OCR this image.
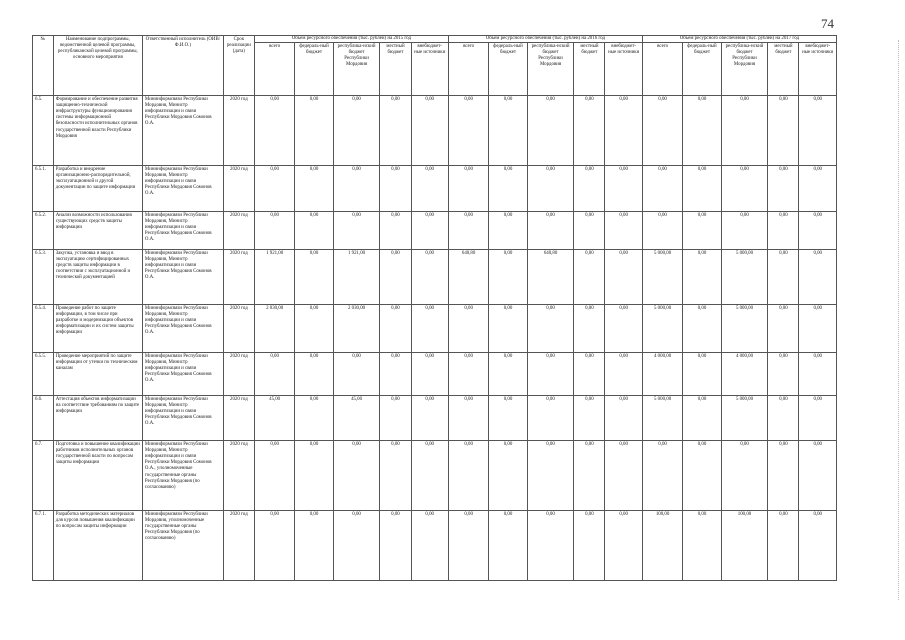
74
№	Наименование подпрограммы, ведомственной целевой программы, республиканской целевой программы, основного мероприятия	Ответственный исполнитель (ОИВ/Ф.И.О.)	Срок реализации (дата)	Объем ресурсного обеспечения (тыс. рублей) на 2015 год					Объем ресурсного обеспечения (тыс. рублей) на 2016 год					Объем ресурсного обеспечения (тыс. рублей) на 2017 год				
				всего	федераль-ный бюджет	республика-нский бюджет Республики Мордовия	местный бюджет	внебюджет-ные источники	всего	федераль-ный бюджет	республика-нский бюджет Республики Мордовия	местный бюджет	внебюджет-ные источники	всего	федераль-ный бюджет	республика-нский бюджет Республики Мордовия	местный бюджет	внебюджет-ные источники
6.5.	Формирование и обеспечение развития защищенно-технической инфраструктуры функционирования системы информационной безопасности исполнительных органов государственной власти Республики Мордовия	Мининформсвязи Республики Мордовия, Министр информатизации и связи Республики Мордовия Сомонов О.А.	2020 год	0,00	0,00	0,00	0,00	0,00	0,00	0,00	0,00	0,00	0,00	0,00	0,00	0,00	0,00	0,00
6.5.1.	Разработка и внедрение организационно-распорядительной, эксплуатационной и другой документации по защите информации	Мининформсвязи Республики Мордовия, Министр информатизации и связи Республики Мордовия Сомонов О.А.	2020 год	0,00	0,00	0,00	0,00	0,00	0,00	0,00	0,00	0,00	0,00	0,00	0,00	0,00	0,00	0,00
6.5.2.	Анализ возможности использования существующих средств защиты информации	Мининформсвязи Республики Мордовия, Министр информатизации и связи Республики Мордовия Сомонов О.А.	2020 год	0,00	0,00	0,00	0,00	0,00	0,00	0,00	0,00	0,00	0,00	0,00	0,00	0,00	0,00	0,00
6.5.3.	Закупка, установка и ввод в эксплуатацию сертифицированных средств защиты информации в соответствии с эксплуатационной и технической документацией	Мининформсвязи Республики Мордовия, Министр информатизации и связи Республики Мордовия Сомонов О.А.	2020 год	1 921,00	0,00	1 921,00	0,00	0,00	640,80	0,00	640,80	0,00	0,00	5 000,00	0,00	5 000,00	0,00	0,00
6.5.4.	Проведение работ по защите информации, в том числе при разработке и модернизации объектов информатизации и их систем защиты информации	Мининформсвязи Республики Мордовия, Министр информатизации и связи Республики Мордовия Сомонов О.А.	2020 год	2 030,00	0,00	2 030,00	0,00	0,00	0,00	0,00	0,00	0,00	0,00	5 000,00	0,00	5 000,00	0,00	0,00
6.5.5.	Проведение мероприятий по защите информации от утечки по техническим каналам	Мининформсвязи Республики Мордовия, Министр информатизации и связи Республики Мордовия Сомонов О.А.	2020 год	0,00	0,00	0,00	0,00	0,00	0,00	0,00	0,00	0,00	0,00	4 000,00	0,00	4 000,00	0,00	0,00
6.6.	Аттестация объектов информатизации на соответствие требованиям по защите информации	Мининформсвязи Республики Мордовия, Министр информатизации и связи Республики Мордовия Сомонов О.А.	2020 год	45,00	0,00	45,00	0,00	0,00	0,00	0,00	0,00	0,00	0,00	5 000,00	0,00	5 000,00	0,00	0,00
6.7.	Подготовка и повышение квалификации работников исполнительных органов государственной власти по вопросам защиты информации	Мининформсвязи Республики Мордовия, Министр информатизации и связи Республики Мордовия Сомонов О.А., уполномоченные государственные органы Республики Мордовия (по согласованию)	2020 год	0,00	0,00	0,00	0,00	0,00	0,00	0,00	0,00	0,00	0,00	0,00	0,00	0,00	0,00	0,00
6.7.1.	Разработка методических материалов для курсов повышения квалификации по вопросам защиты информации	Мининформсвязи Республики Мордовия, уполномоченные государственные органы Республики Мордовия (по согласованию)	2020 год	0,00	0,00	0,00	0,00	0,00	0,00	0,00	0,00	0,00	0,00	100,00	0,00	100,00	0,00	0,00
